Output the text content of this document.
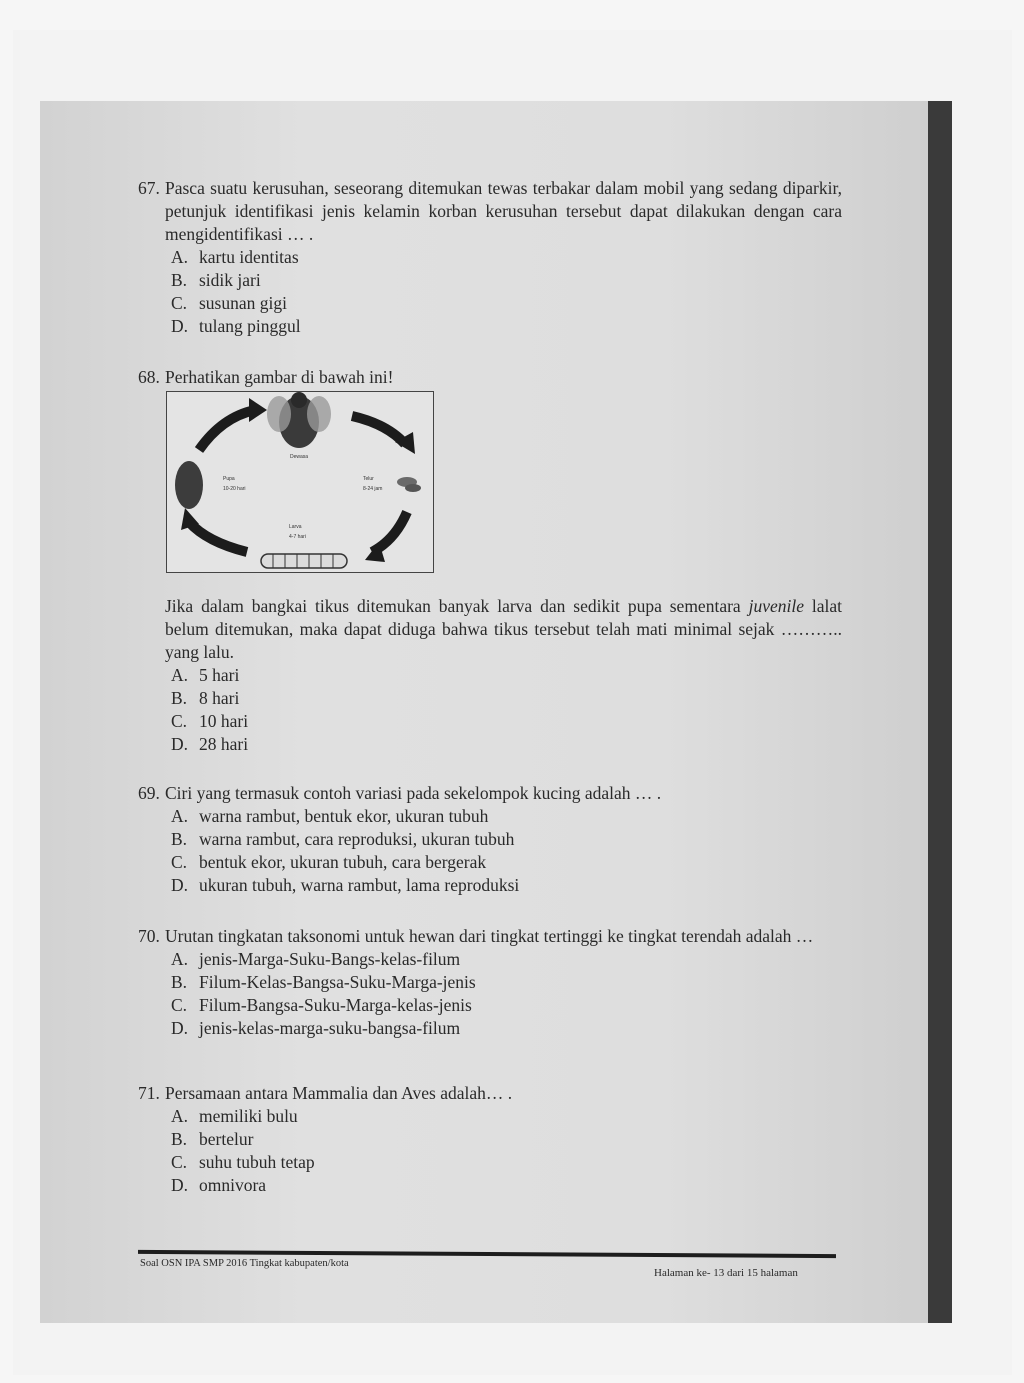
67. Pasca suatu kerusuhan, seseorang ditemukan tewas terbakar dalam mobil yang sedang diparkir, petunjuk identifikasi jenis kelamin korban kerusuhan tersebut dapat dilakukan dengan cara mengidentifikasi … .
A. kartu identitas
B. sidik jari
C. susunan gigi
D. tulang pinggul
68. Perhatikan gambar di bawah ini!
Dewasa
Telur
8-24 jam
Pupa
10-20 hari
Larva
4-7 hari
Jika dalam bangkai tikus ditemukan banyak larva dan sedikit pupa sementara juvenile lalat belum ditemukan, maka dapat diduga bahwa tikus tersebut telah mati minimal sejak ……….. yang lalu.
A. 5 hari
B. 8 hari
C. 10 hari
D. 28 hari
69. Ciri yang termasuk contoh variasi pada sekelompok kucing adalah … .
A. warna rambut, bentuk ekor, ukuran tubuh
B. warna rambut, cara reproduksi, ukuran tubuh
C. bentuk ekor, ukuran tubuh, cara bergerak
D. ukuran tubuh, warna rambut, lama reproduksi
70. Urutan tingkatan taksonomi untuk hewan dari tingkat tertinggi ke tingkat terendah adalah …
A. jenis-Marga-Suku-Bangs-kelas-filum
B. Filum-Kelas-Bangsa-Suku-Marga-jenis
C. Filum-Bangsa-Suku-Marga-kelas-jenis
D. jenis-kelas-marga-suku-bangsa-filum
71. Persamaan antara Mammalia dan Aves adalah… .
A. memiliki bulu
B. bertelur
C. suhu tubuh tetap
D. omnivora
Soal OSN IPA SMP 2016 Tingkat kabupaten/kota
Halaman ke- 13 dari 15 halaman
